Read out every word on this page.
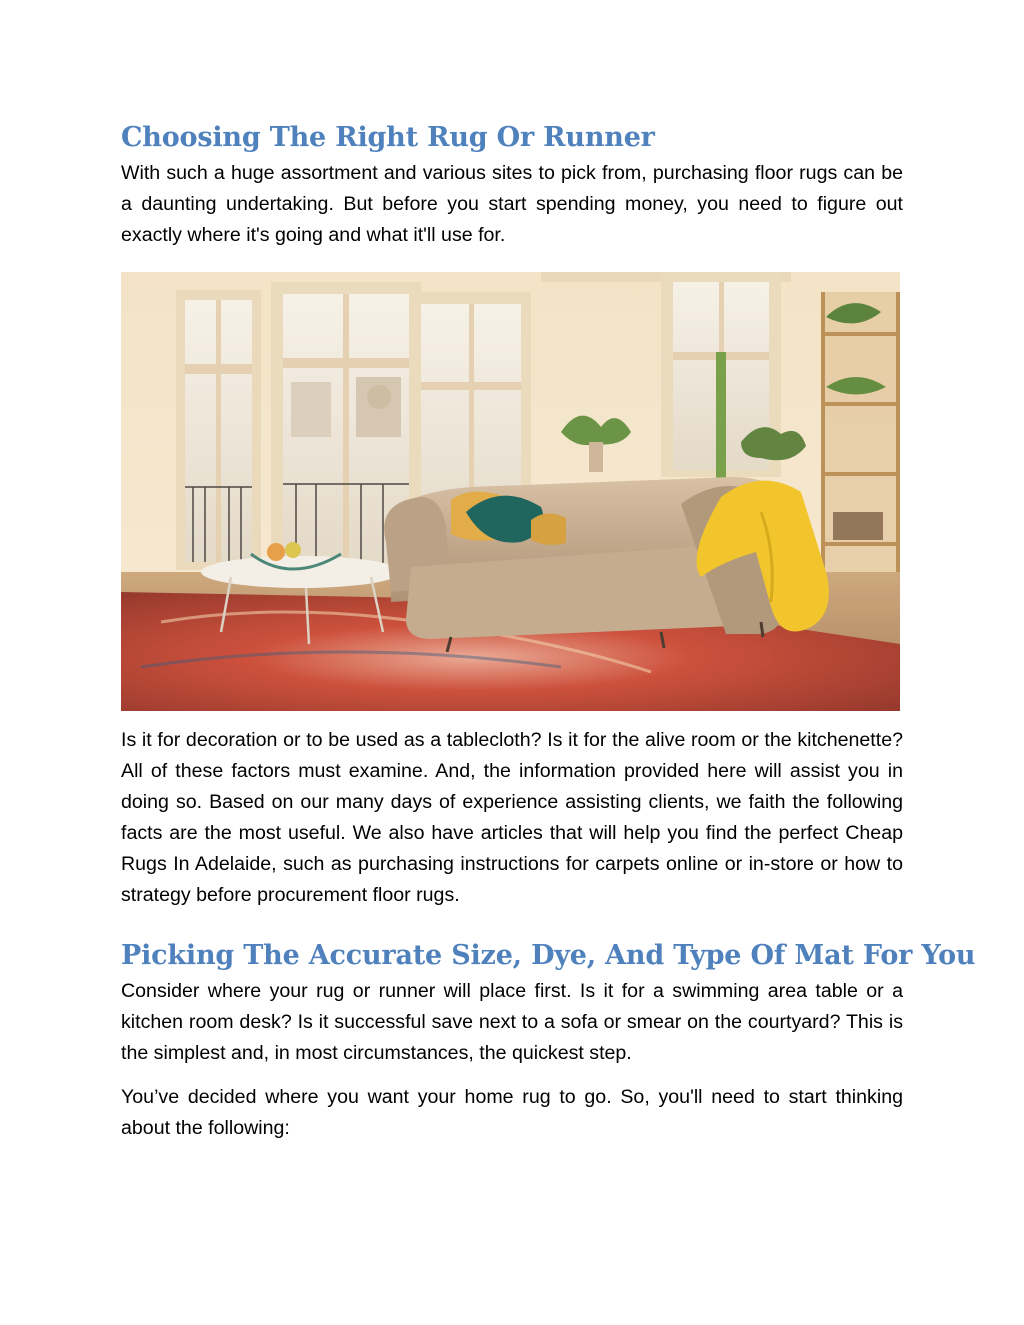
Choosing The Right Rug Or Runner

With such a huge assortment and various sites to pick from, purchasing floor rugs can be a daunting undertaking. But before you start spending money, you need to figure out exactly where it's going and what it'll use for.

Is it for decoration or to be used as a tablecloth? Is it for the alive room or the kitchenette? All of these factors must examine. And, the information provided here will assist you in doing so. Based on our many days of experience assisting clients, we faith the following facts are the most useful. We also have articles that will help you find the perfect Cheap Rugs In Adelaide, such as purchasing instructions for carpets online or in-store or how to strategy before procurement floor rugs.

Picking The Accurate Size, Dye, And Type Of Mat For You

Consider where your rug or runner will place first. Is it for a swimming area table or a kitchen room desk? Is it successful save next to a sofa or smear on the courtyard? This is the simplest and, in most circumstances, the quickest step.

You’ve decided where you want your home rug to go. So, you'll need to start thinking about the following:
